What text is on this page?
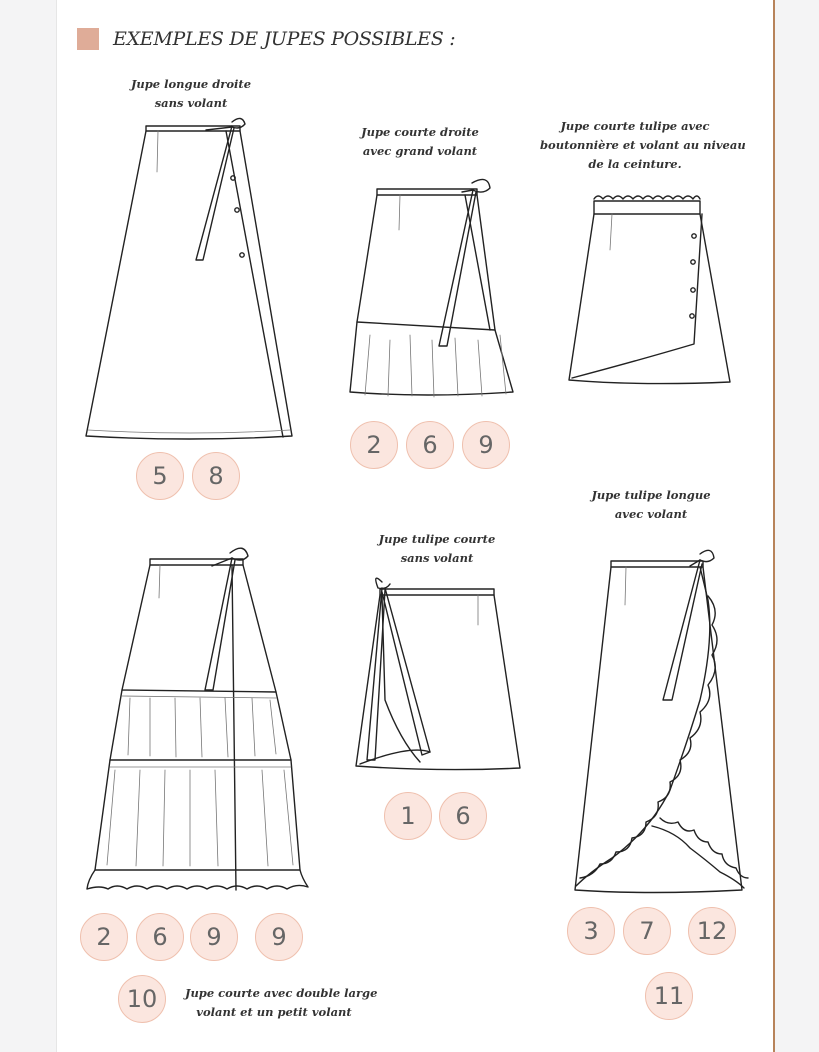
EXEMPLES DE JUPES POSSIBLES :
Jupe longue droite
sans volant
Jupe courte droite
avec grand volant
Jupe courte tulipe avec
boutonnière et volant au niveau
de la ceinture.
Jupe courte avec double large
volant et un petit volant
Jupe tulipe courte
sans volant
Jupe tulipe longue
avec volant
5	8
2	6	9
2	6	9	9
10
1	6
3	7	12
11
